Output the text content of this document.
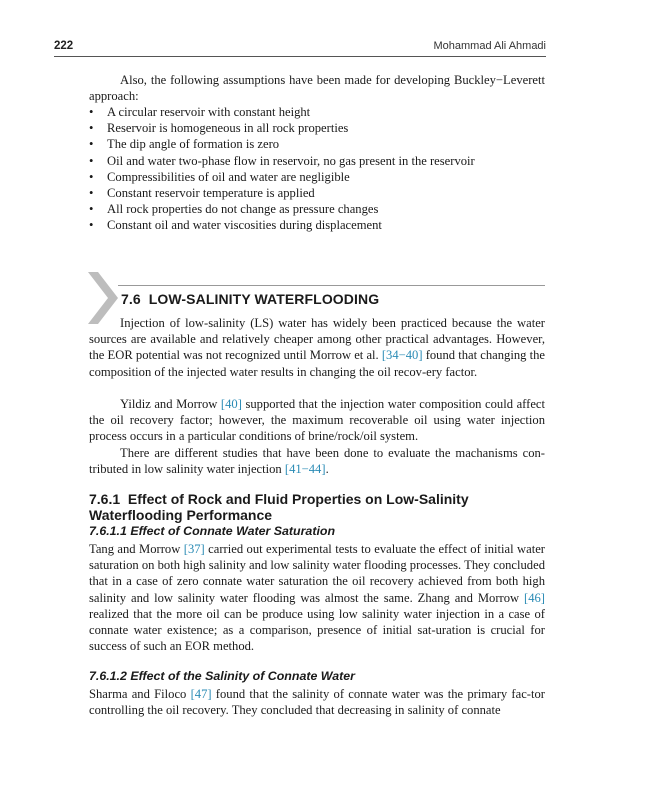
222	Mohammad Ali Ahmadi

Also, the following assumptions have been made for developing Buckley−Leverett approach:

• A circular reservoir with constant height
• Reservoir is homogeneous in all rock properties
• The dip angle of formation is zero
• Oil and water two-phase flow in reservoir, no gas present in the reservoir
• Compressibilities of oil and water are negligible
• Constant reservoir temperature is applied
• All rock properties do not change as pressure changes
• Constant oil and water viscosities during displacement
7.6 LOW-SALINITY WATERFLOODING

Injection of low-salinity (LS) water has widely been practiced because the water sources are available and relatively cheaper among other practical advantages. However, the EOR potential was not recognized until Morrow et al. [34−40] found that changing the composition of the injected water results in changing the oil recov-ery factor.

Yildiz and Morrow [40] supported that the injection water composition could affect the oil recovery factor; however, the maximum recoverable oil using water injection process occurs in a particular conditions of brine/rock/oil system.

There are different studies that have been done to evaluate the machanisms con-tributed in low salinity water injection [41−44].

7.6.1 Effect of Rock and Fluid Properties on Low-Salinity
Waterflooding Performance
7.6.1.1 Effect of Connate Water Saturation

Tang and Morrow [37] carried out experimental tests to evaluate the effect of initial water saturation on both high salinity and low salinity water flooding processes. They concluded that in a case of zero connate water saturation the oil recovery achieved from both high salinity and low salinity water flooding was almost the same. Zhang and Morrow [46] realized that the more oil can be produce using low salinity water injection in a case of connate water existence; as a comparison, presence of initial sat-uration is crucial for success of such an EOR method.

7.6.1.2 Effect of the Salinity of Connate Water

Sharma and Filoco [47] found that the salinity of connate water was the primary fac-tor controlling the oil recovery. They concluded that decreasing in salinity of connate
